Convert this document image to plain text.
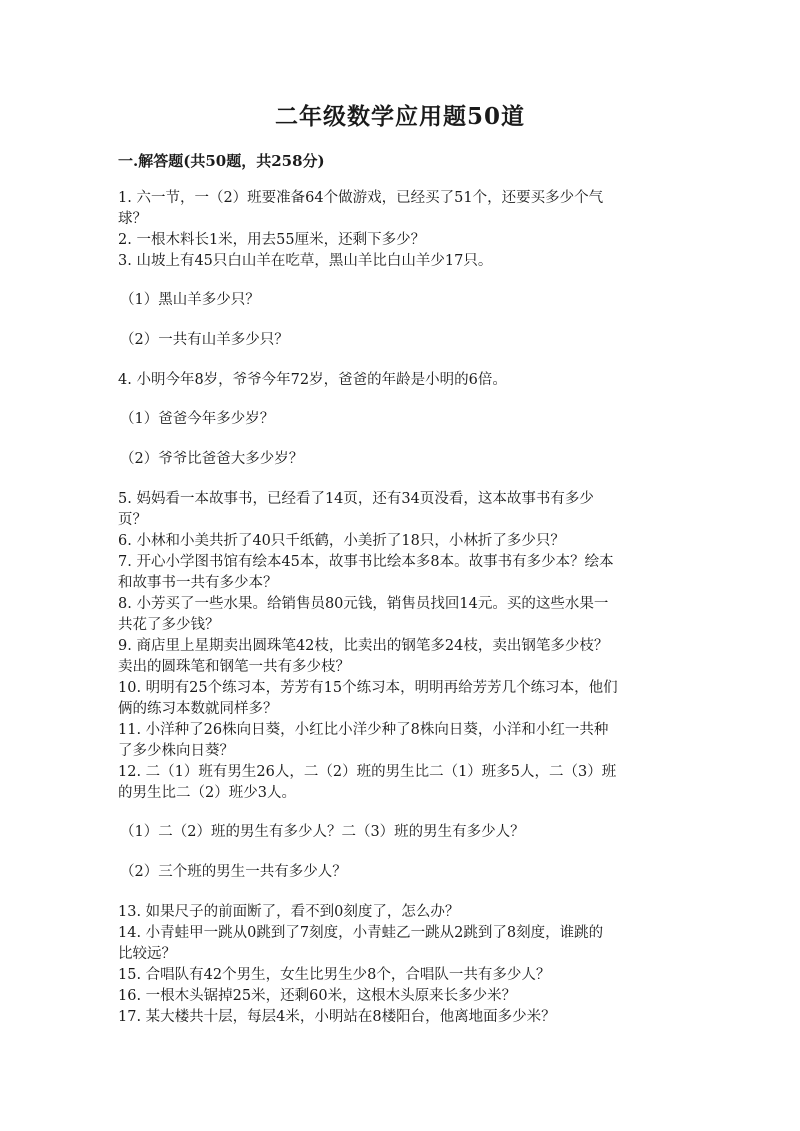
二年级数学应用题50道
一.解答题(共50题，共258分)
1. 六一节，一（2）班要准备64个做游戏，已经买了51个，还要买多少个气
球？
2. 一根木料长1米，用去55厘米，还剩下多少？
3. 山坡上有45只白山羊在吃草，黑山羊比白山羊少17只。
（1）黑山羊多少只？
（2）一共有山羊多少只？
4. 小明今年8岁，爷爷今年72岁，爸爸的年龄是小明的6倍。
（1）爸爸今年多少岁？
（2）爷爷比爸爸大多少岁？
5. 妈妈看一本故事书，已经看了14页，还有34页没看，这本故事书有多少
页？
6. 小林和小美共折了40只千纸鹤，小美折了18只，小林折了多少只？
7. 开心小学图书馆有绘本45本，故事书比绘本多8本。故事书有多少本？绘本
和故事书一共有多少本？
8. 小芳买了一些水果。给销售员80元钱，销售员找回14元。买的这些水果一
共花了多少钱？
9. 商店里上星期卖出圆珠笔42枝，比卖出的钢笔多24枝，卖出钢笔多少枝？
卖出的圆珠笔和钢笔一共有多少枝？
10. 明明有25个练习本，芳芳有15个练习本，明明再给芳芳几个练习本，他们
俩的练习本数就同样多？
11. 小洋种了26株向日葵，小红比小洋少种了8株向日葵，小洋和小红一共种
了多少株向日葵？
12. 二（1）班有男生26人，二（2）班的男生比二（1）班多5人，二（3）班
的男生比二（2）班少3人。
（1）二（2）班的男生有多少人？二（3）班的男生有多少人？
（2）三个班的男生一共有多少人？
13. 如果尺子的前面断了，看不到0刻度了，怎么办？
14. 小青蛙甲一跳从0跳到了7刻度，小青蛙乙一跳从2跳到了8刻度，谁跳的
比较远？
15. 合唱队有42个男生，女生比男生少8个，合唱队一共有多少人？
16. 一根木头锯掉25米，还剩60米，这根木头原来长多少米？
17. 某大楼共十层，每层4米，小明站在8楼阳台，他离地面多少米？
